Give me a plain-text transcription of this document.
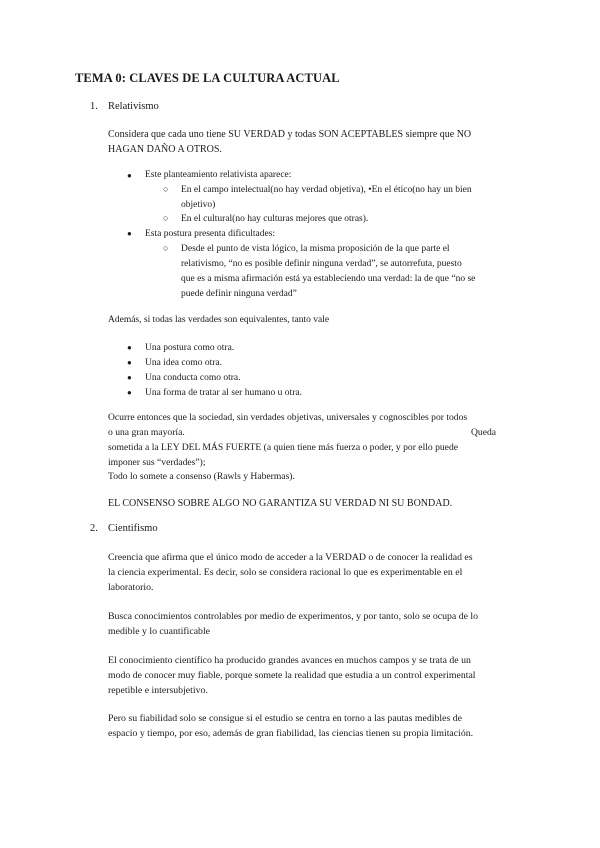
TEMA 0: CLAVES DE LA CULTURA ACTUAL
1. Relativismo
Considera que cada uno tiene SU VERDAD y todas SON ACEPTABLES siempre que NO
HAGAN DAÑO A OTROS.
● Este planteamiento relativista aparece:
○ En el campo intelectual(no hay verdad objetiva), •En el ético(no hay un bien
objetivo)
○ En el cultural(no hay culturas mejores que otras).
● Esta postura presenta dificultades:
○ Desde el punto de vista lógico, la misma proposición de la que parte el
relativismo, “no es posible definir ninguna verdad”, se autorrefuta, puesto
que es a misma afirmación está ya estableciendo una verdad: la de que “no se
puede definir ninguna verdad”
Además, si todas las verdades son equivalentes, tanto vale
● Una postura como otra.
● Una idea como otra.
● Una conducta como otra.
● Una forma de tratar al ser humano u otra.
Ocurre entonces que la sociedad, sin verdades objetivas, universales y cognoscibles por todos
o una gran mayoría.	Queda
sometida a la LEY DEL MÁS FUERTE (a quien tiene más fuerza o poder, y por ello puede
imponer sus “verdades”);
Todo lo somete a consenso (Rawls y Habermas).
EL CONSENSO SOBRE ALGO NO GARANTIZA SU VERDAD NI SU BONDAD.
2. Cientifismo
Creencia que afirma que el único modo de acceder a la VERDAD o de conocer la realidad es
la ciencia experimental. Es decir, solo se considera racional lo que es experimentable en el
laboratorio.
Busca conocimientos controlables por medio de experimentos, y por tanto, solo se ocupa de lo
medible y lo cuantificable
El conocimiento científico ha producido grandes avances en muchos campos y se trata de un
modo de conocer muy fiable, porque somete la realidad que estudia a un control experimental
repetible e intersubjetivo.
Pero su fiabilidad solo se consigue si el estudio se centra en torno a las pautas medibles de
espacio y tiempo, por eso, además de gran fiabilidad, las ciencias tienen su propia limitación.
